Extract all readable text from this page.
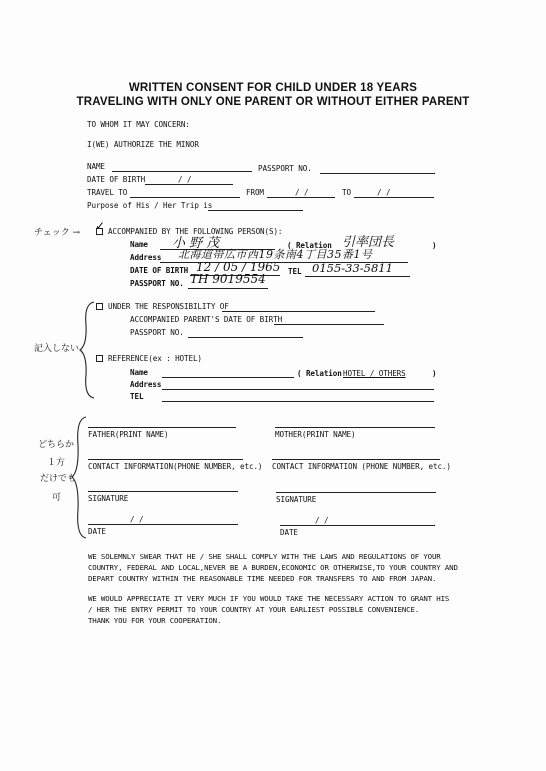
WRITTEN CONSENT FOR CHILD UNDER 18 YEARS
TRAVELING WITH ONLY ONE PARENT OR WITHOUT EITHER PARENT
TO WHOM IT MAY CONCERN:
I(WE) AUTHORIZE THE MINOR
NAME	PASSPORT NO.
DATE OF BIRTH	/ /
TRAVEL TO	FROM	/ /	TO	/ /
Purpose of His / Her Trip is
チェック → ✓ ACCOMPANIED BY THE FOLLOWING PERSON(S):
Name 小 野 茂	( Relation 引率団長	)
Address 北海道帯広市西19条南4丁目35番1号
DATE OF BIRTH 12 / 05 / 1965 TEL 0155-33-5811
PASSPORT NO. TH 9019554
記入しない
UNDER THE RESPONSIBILITY OF
ACCOMPANIED PARENT'S DATE OF BIRTH
PASSPORT NO.
REFERENCE(ex : HOTEL)
Name	( Relation HOTEL / OTHERS	)
Address
TEL
どちらか
１方
だけでも
可
FATHER(PRINT NAME)	MOTHER(PRINT NAME)
CONTACT INFORMATION(PHONE NUMBER, etc.) CONTACT INFORMATION (PHONE NUMBER, etc.)
SIGNATURE	SIGNATURE
/ /
DATE
/ /
DATE
WE SOLEMNLY SWEAR THAT HE / SHE SHALL COMPLY WITH THE LAWS AND REGULATIONS OF YOUR
COUNTRY, FEDERAL AND LOCAL,NEVER BE A BURDEN,ECONOMIC OR OTHERWISE,TO YOUR COUNTRY AND
DEPART COUNTRY WITHIN THE REASONABLE TIME NEEDED FOR TRANSFERS TO AND FROM JAPAN.
WE WOULD APPRECIATE IT VERY MUCH IF YOU WOULD TAKE THE NECESSARY ACTION TO GRANT HIS
/ HER THE ENTRY PERMIT TO YOUR COUNTRY AT YOUR EARLIEST POSSIBLE CONVENIENCE.
THANK YOU FOR YOUR COOPERATION.
